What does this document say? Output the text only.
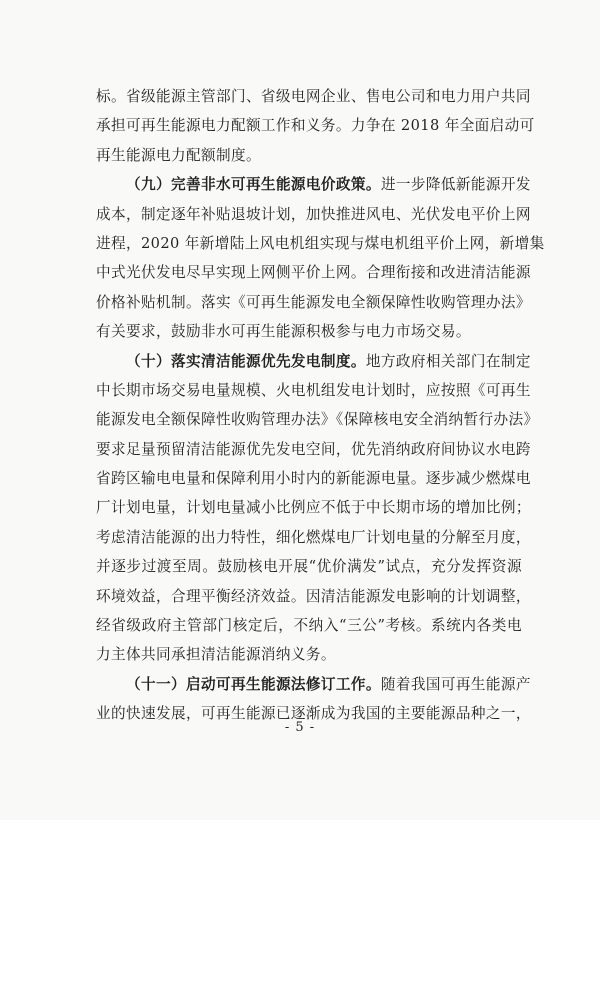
标。省级能源主管部门、省级电网企业、售电公司和电力用户共同
承担可再生能源电力配额工作和义务。力争在 2018 年全面启动可
再生能源电力配额制度。
（九）完善非水可再生能源电价政策。进一步降低新能源开发
成本，制定逐年补贴退坡计划，加快推进风电、光伏发电平价上网
进程，2020 年新增陆上风电机组实现与煤电机组平价上网，新增集
中式光伏发电尽早实现上网侧平价上网。合理衔接和改进清洁能源
价格补贴机制。落实《可再生能源发电全额保障性收购管理办法》
有关要求，鼓励非水可再生能源积极参与电力市场交易。
（十）落实清洁能源优先发电制度。地方政府相关部门在制定
中长期市场交易电量规模、火电机组发电计划时，应按照《可再生
能源发电全额保障性收购管理办法》《保障核电安全消纳暂行办法》
要求足量预留清洁能源优先发电空间，优先消纳政府间协议水电跨
省跨区输电电量和保障利用小时内的新能源电量。逐步减少燃煤电
厂计划电量，计划电量减小比例应不低于中长期市场的增加比例；
考虑清洁能源的出力特性，细化燃煤电厂计划电量的分解至月度，
并逐步过渡至周。鼓励核电开展“优价满发”试点，充分发挥资源
环境效益，合理平衡经济效益。因清洁能源发电影响的计划调整，
经省级政府主管部门核定后，不纳入“三公”考核。系统内各类电
力主体共同承担清洁能源消纳义务。
（十一）启动可再生能源法修订工作。随着我国可再生能源产
业的快速发展，可再生能源已逐渐成为我国的主要能源品种之一，
- 5 -
